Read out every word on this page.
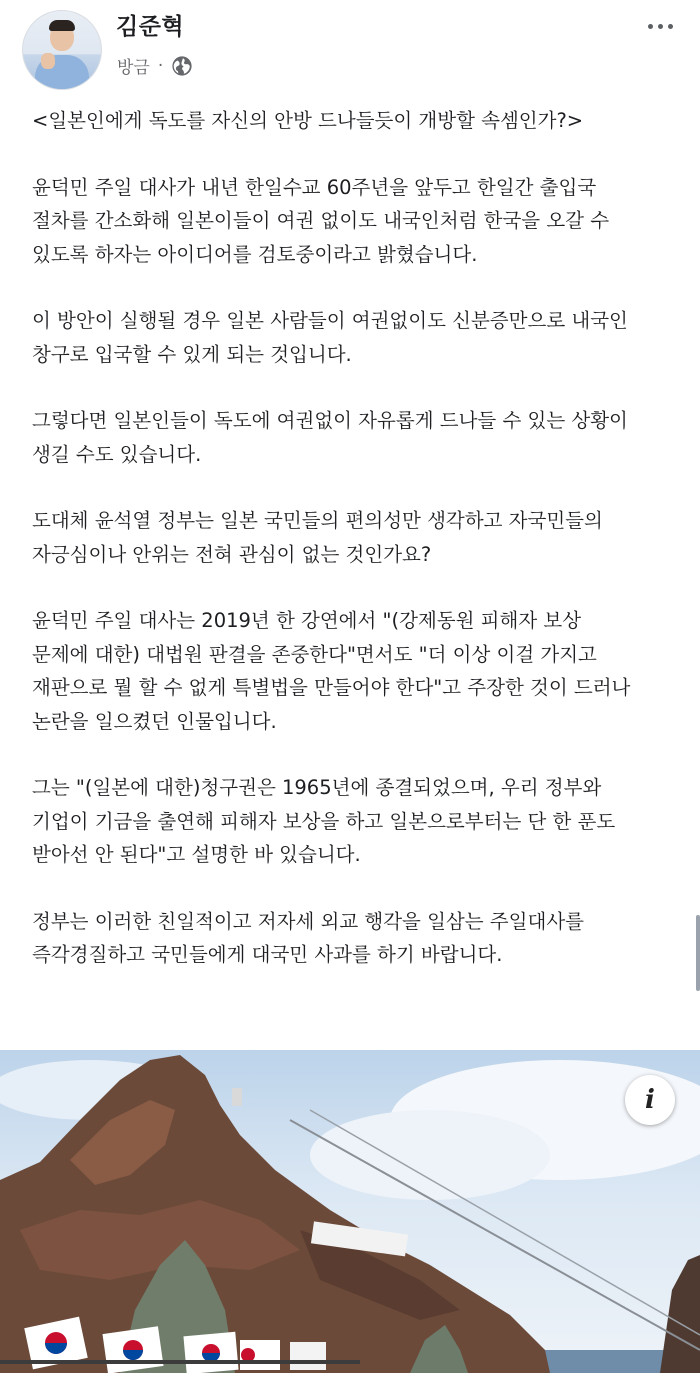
김준혁
방금 ·

<일본인에게 독도를 자신의 안방 드나들듯이 개방할 속셈인가?>

윤덕민 주일 대사가 내년 한일수교 60주년을 앞두고 한일간 출입국
절차를 간소화해 일본이들이 여권 없이도 내국인처럼 한국을 오갈 수
있도록 하자는 아이디어를 검토중이라고 밝혔습니다.

이 방안이 실행될 경우 일본 사람들이 여권없이도 신분증만으로 내국인
창구로 입국할 수 있게 되는 것입니다.

그렇다면 일본인들이 독도에 여권없이 자유롭게 드나들 수 있는 상황이
생길 수도 있습니다.

도대체 윤석열 정부는 일본 국민들의 편의성만 생각하고 자국민들의
자긍심이나 안위는 전혀 관심이 없는 것인가요?

윤덕민 주일 대사는 2019년 한 강연에서 "(강제동원 피해자 보상
문제에 대한) 대법원 판결을 존중한다"면서도 "더 이상 이걸 가지고
재판으로 뭘 할 수 없게 특별법을 만들어야 한다"고 주장한 것이 드러나
논란을 일으켰던 인물입니다.

그는 "(일본에 대한)청구권은 1965년에 종결되었으며, 우리 정부와
기업이 기금을 출연해 피해자 보상을 하고 일본으로부터는 단 한 푼도
받아선 안 된다"고 설명한 바 있습니다.

정부는 이러한 친일적이고 저자세 외교 행각을 일삼는 주일대사를
즉각경질하고 국민들에게 대국민 사과를 하기 바랍니다.

i
